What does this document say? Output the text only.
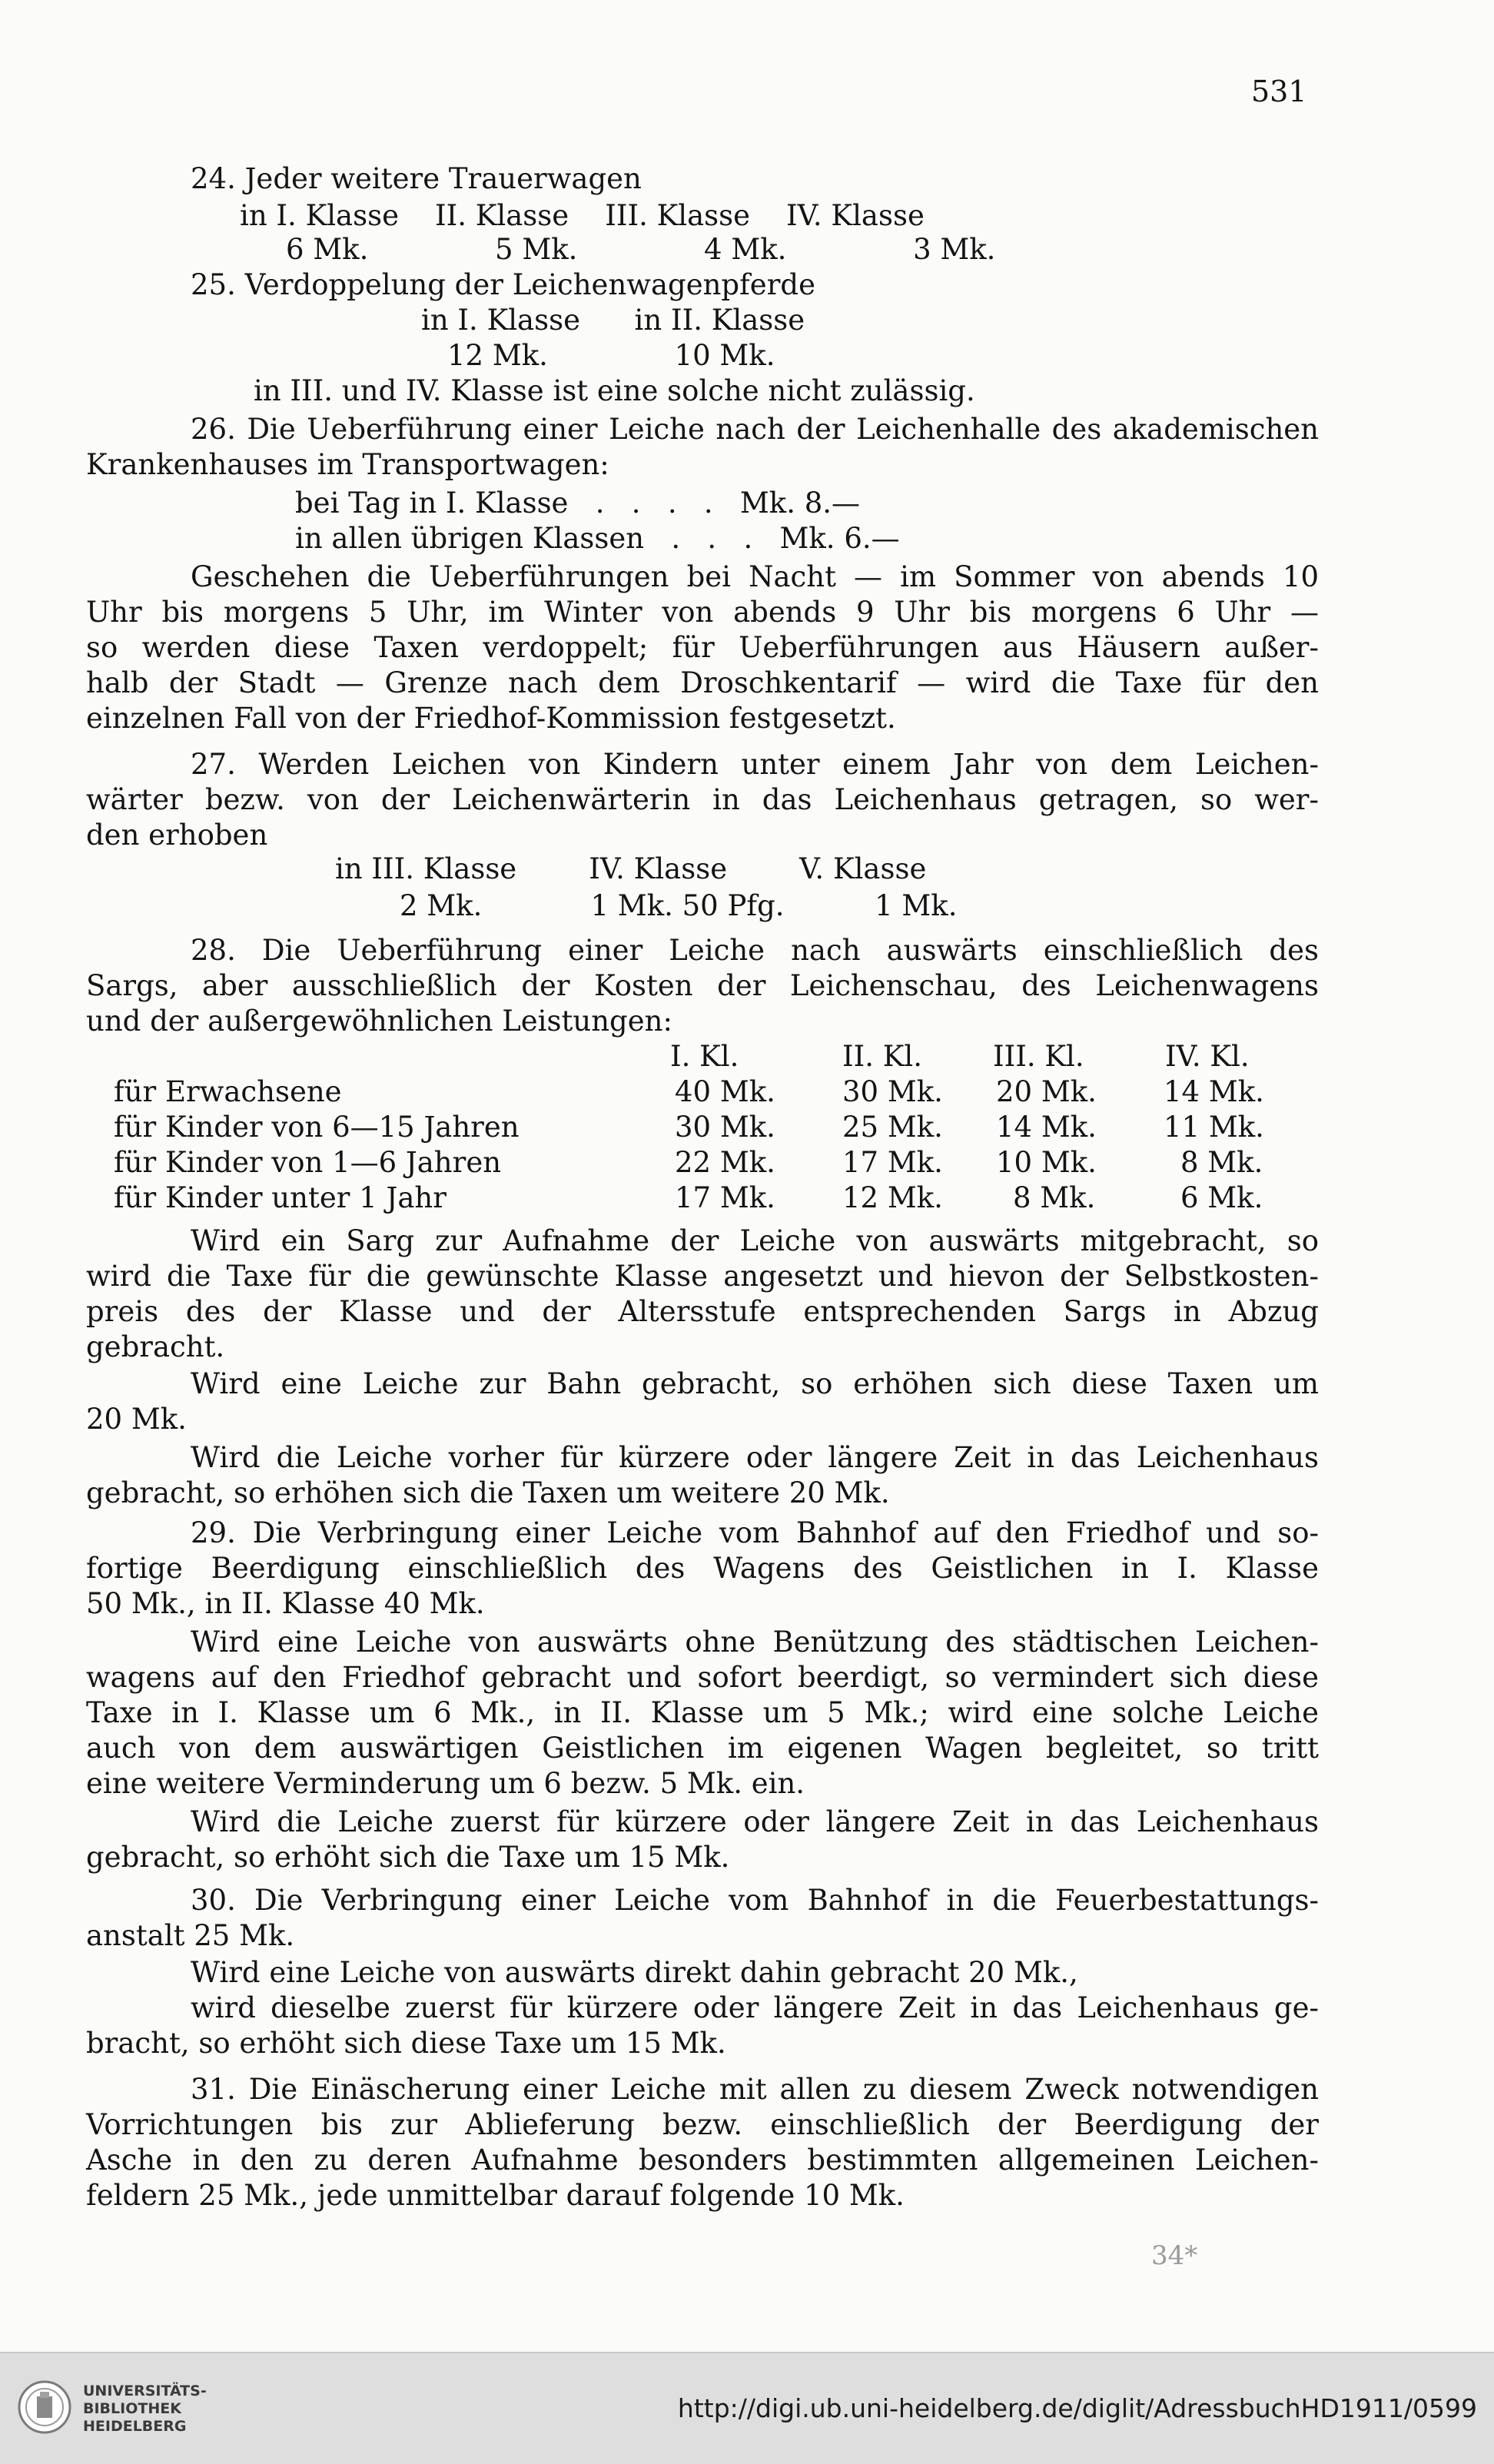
531
24. Jeder weitere Trauerwagen
in I. Klasse    II. Klasse    III. Klasse    IV. Klasse
6 Mk.              5 Mk.              4 Mk.              3 Mk.
25. Verdoppelung der Leichenwagenpferde
in I. Klasse      in II. Klasse
12 Mk.              10 Mk.
in III. und IV. Klasse ist eine solche nicht zulässig.
26. Die Ueberführung einer Leiche nach der Leichenhalle des akademischen
Krankenhauses im Transportwagen:
bei Tag in I. Klasse   .   .   .   .   Mk. 8.—
in allen übrigen Klassen   .   .   .   Mk. 6.—
Geschehen die Ueberführungen bei Nacht — im Sommer von abends 10
Uhr bis morgens 5 Uhr, im Winter von abends 9 Uhr bis morgens 6 Uhr —
so werden diese Taxen verdoppelt; für Ueberführungen aus Häusern außer-
halb der Stadt — Grenze nach dem Droschkentarif — wird die Taxe für den
einzelnen Fall von der Friedhof-Kommission festgesetzt.
27. Werden Leichen von Kindern unter einem Jahr von dem Leichen-
wärter bezw. von der Leichenwärterin in das Leichenhaus getragen, so wer-
den erhoben
in III. Klasse        IV. Klasse        V. Klasse
2 Mk.            1 Mk. 50 Pfg.          1 Mk.
28. Die Ueberführung einer Leiche nach auswärts einschließlich des
Sargs, aber ausschließlich der Kosten der Leichenschau, des Leichenwagens
und der außergewöhnlichen Leistungen:
I. Kl.	II. Kl. III. Kl.	IV. Kl.
für Erwachsene	40 Mk. 30 Mk. 20 Mk. 14 Mk.
für Kinder von 6—15 Jahren	30 Mk. 25 Mk. 14 Mk. 11 Mk.
für Kinder von 1—6 Jahren	22 Mk. 17 Mk. 10 Mk.	8 Mk.
für Kinder unter 1 Jahr	17 Mk. 12 Mk. 8 Mk.	6 Mk.
Wird ein Sarg zur Aufnahme der Leiche von auswärts mitgebracht, so
wird die Taxe für die gewünschte Klasse angesetzt und hievon der Selbstkosten-
preis des der Klasse und der Altersstufe entsprechenden Sargs in Abzug
gebracht.
Wird eine Leiche zur Bahn gebracht, so erhöhen sich diese Taxen um
20 Mk.
Wird die Leiche vorher für kürzere oder längere Zeit in das Leichenhaus
gebracht, so erhöhen sich die Taxen um weitere 20 Mk.
29. Die Verbringung einer Leiche vom Bahnhof auf den Friedhof und so-
fortige Beerdigung einschließlich des Wagens des Geistlichen in I. Klasse
50 Mk., in II. Klasse 40 Mk.
Wird eine Leiche von auswärts ohne Benützung des städtischen Leichen-
wagens auf den Friedhof gebracht und sofort beerdigt, so vermindert sich diese
Taxe in I. Klasse um 6 Mk., in II. Klasse um 5 Mk.; wird eine solche Leiche
auch von dem auswärtigen Geistlichen im eigenen Wagen begleitet, so tritt
eine weitere Verminderung um 6 bezw. 5 Mk. ein.
Wird die Leiche zuerst für kürzere oder längere Zeit in das Leichenhaus
gebracht, so erhöht sich die Taxe um 15 Mk.
30. Die Verbringung einer Leiche vom Bahnhof in die Feuerbestattungs-
anstalt 25 Mk.
Wird eine Leiche von auswärts direkt dahin gebracht 20 Mk.,
wird dieselbe zuerst für kürzere oder längere Zeit in das Leichenhaus ge-
bracht, so erhöht sich diese Taxe um 15 Mk.
31. Die Einäscherung einer Leiche mit allen zu diesem Zweck notwendigen
Vorrichtungen bis zur Ablieferung bezw. einschließlich der Beerdigung der
Asche in den zu deren Aufnahme besonders bestimmten allgemeinen Leichen-
feldern 25 Mk., jede unmittelbar darauf folgende 10 Mk.
34*
UNIVERSITÄTS-
BIBLIOTHEK
HEIDELBERG
http://digi.ub.uni-heidelberg.de/diglit/AdressbuchHD1911/0599
